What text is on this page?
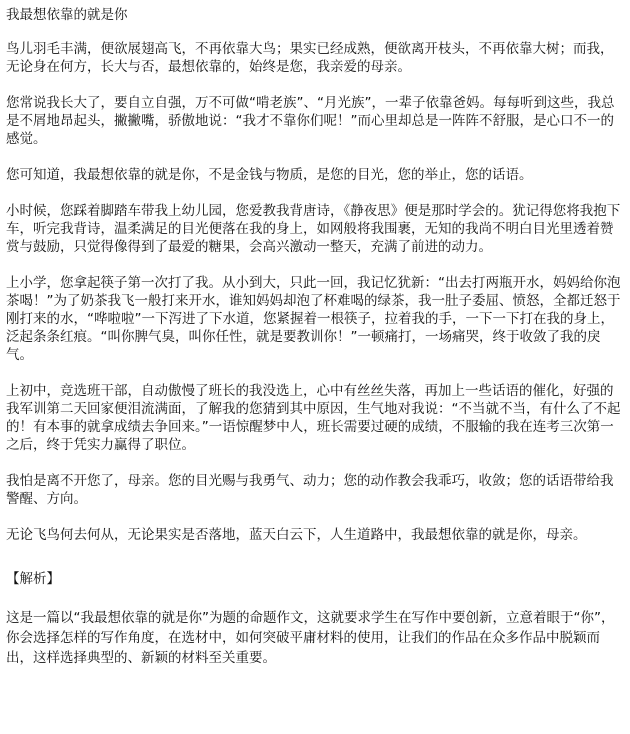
我最想依靠的就是你

鸟儿羽毛丰满，便欲展翅高飞，不再依靠大鸟；果实已经成熟，便欲离开枝头，不再依靠大树；而我，无论身在何方，长大与否，最想依靠的，始终是您，我亲爱的母亲。

您常说我长大了，要自立自强，万不可做“啃老族”、“月光族”，一辈子依靠爸妈。每每听到这些，我总是不屑地昂起头，撇撇嘴，骄傲地说：“我才不靠你们呢！”而心里却总是一阵阵不舒服，是心口不一的感觉。

您可知道，我最想依靠的就是你，不是金钱与物质，是您的目光，您的举止，您的话语。

小时候，您踩着脚踏车带我上幼儿园，您爱教我背唐诗，《静夜思》便是那时学会的。犹记得您将我抱下车，听完我背诗，温柔满足的目光便落在我的身上，如网般将我围裹，无知的我尚不明白目光里透着赞赏与鼓励，只觉得像得到了最爱的糖果，会高兴激动一整天，充满了前进的动力。

上小学，您拿起筷子第一次打了我。从小到大，只此一回，我记忆犹新：“出去打两瓶开水，妈妈给你泡茶喝！”为了奶茶我飞一般打来开水，谁知妈妈却泡了杯难喝的绿茶，我一肚子委屈、愤怒，全都迁怒于刚打来的水，“哗啦啦”一下泻进了下水道，您紧握着一根筷子，拉着我的手，一下一下打在我的身上，泛起条条红痕。“叫你脾气臭，叫你任性，就是要教训你！”一顿痛打，一场痛哭，终于收敛了我的戾气。

上初中，竞选班干部，自动傲慢了班长的我没选上，心中有丝丝失落，再加上一些话语的催化，好强的我军训第二天回家便泪流满面，了解我的您猜到其中原因，生气地对我说：“不当就不当，有什么了不起的！有本事的就拿成绩去争回来。”一语惊醒梦中人，班长需要过硬的成绩，不服输的我在连考三次第一之后，终于凭实力赢得了职位。

我怕是离不开您了，母亲。您的目光赐与我勇气、动力；您的动作教会我乖巧，收敛；您的话语带给我警醒、方向。

无论飞鸟何去何从，无论果实是否落地，蓝天白云下，人生道路中，我最想依靠的就是你，母亲。

【解析】

这是一篇以“我最想依靠的就是你”为题的命题作文，这就要求学生在写作中要创新，立意着眼于“你”，你会选择怎样的写作角度，在选材中，如何突破平庸材料的使用，让我们的作品在众多作品中脱颖而出，这样选择典型的、新颖的材料至关重要。
